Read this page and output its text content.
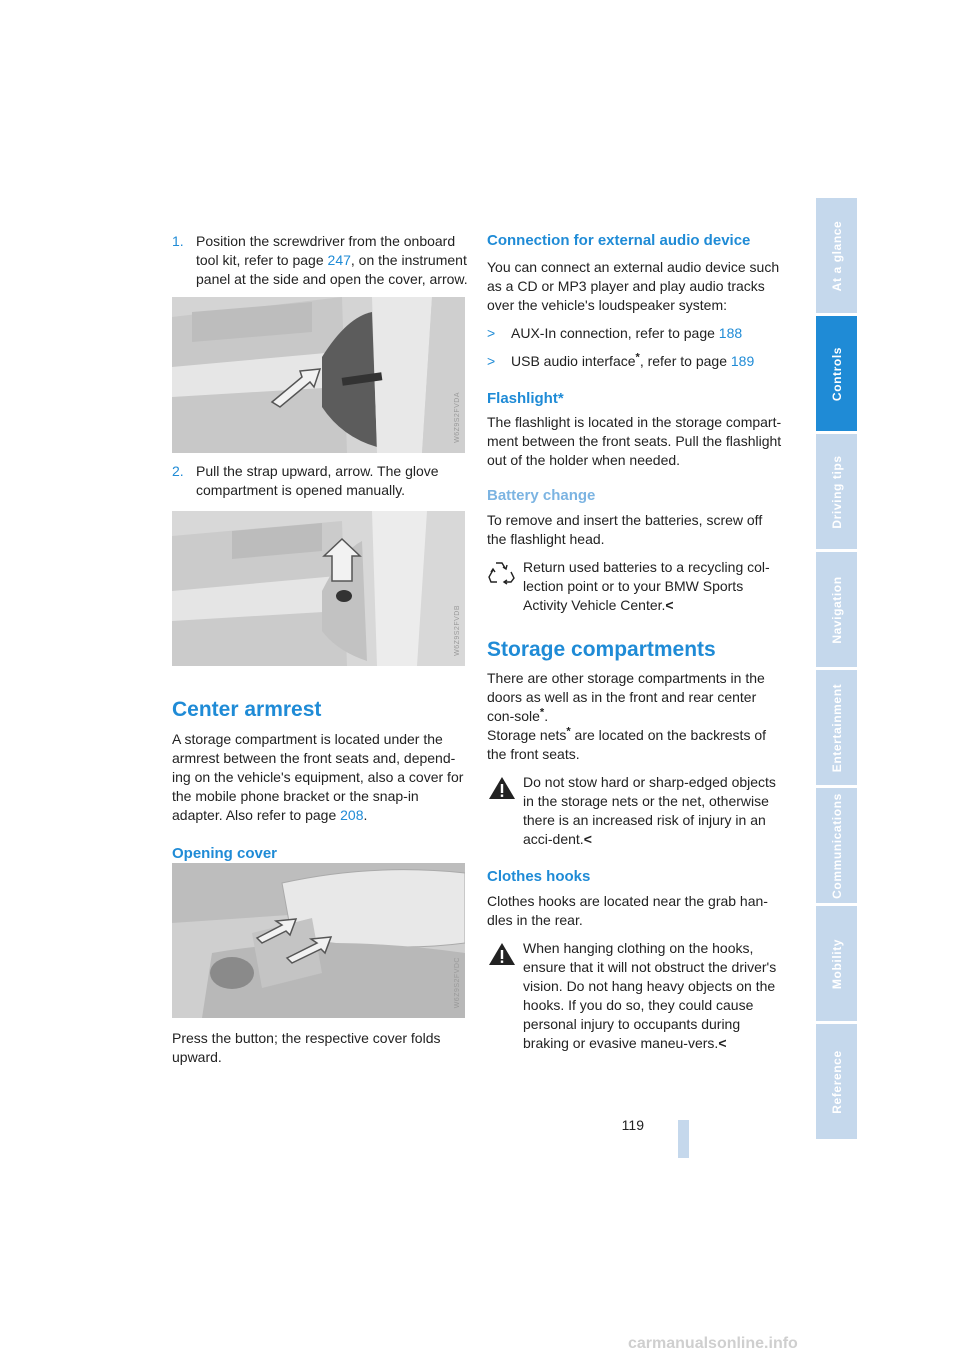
1. Position the screwdriver from the onboard tool kit, refer to page 247, on the instrument panel at the side and open the cover, arrow.
W6Z9S2FVDA
2. Pull the strap upward, arrow. The glove compartment is opened manually.
W6Z9S2FVDB
Center armrest

A storage compartment is located under the armrest between the front seats and, depend-ing on the vehicle's equipment, also a cover for the mobile phone bracket or the snap-in adapter. Also refer to page 208.

Opening cover
W6Z9S2FVDC

Press the button; the respective cover folds upward.

Connection for external audio device

You can connect an external audio device such as a CD or MP3 player and play audio tracks over the vehicle's loudspeaker system:

> AUX-In connection, refer to page 188
> USB audio interface*, refer to page 189
Flashlight*

The flashlight is located in the storage compart-ment between the front seats. Pull the flashlight out of the holder when needed.

Battery change

To remove and insert the batteries, screw off the flashlight head.

Return used batteries to a recycling col-lection point or to your BMW Sports Activity Vehicle Center.<
Storage compartments

There are other storage compartments in the doors as well as in the front and rear center con-sole*.
Storage nets* are located on the backrests of the front seats.

Do not stow hard or sharp-edged objects in the storage nets or the net, otherwise there is an increased risk of injury in an acci-dent.<
Clothes hooks

Clothes hooks are located near the grab han-dles in the rear.

When hanging clothing on the hooks, ensure that it will not obstruct the driver's vision. Do not hang heavy objects on the hooks. If you do so, they could cause personal injury to occupants during braking or evasive maneu-vers.<
At a glance
Controls
Driving tips
Navigation
Entertainment
Communications
Mobility
Reference
119
carmanualsonline.info
